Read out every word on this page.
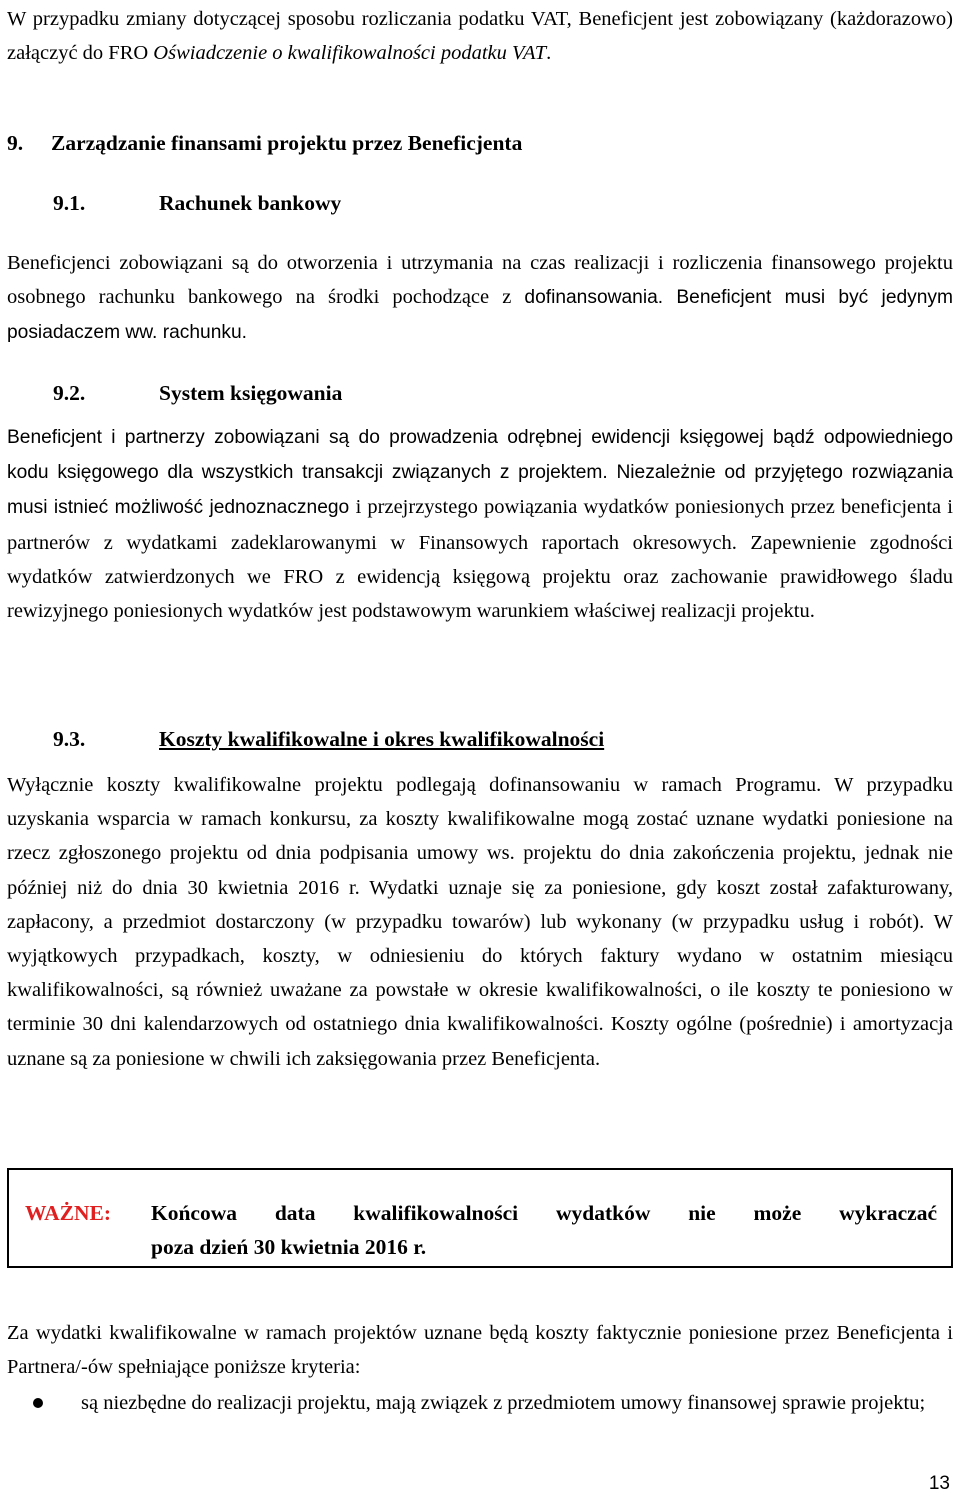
W przypadku zmiany dotyczącej sposobu rozliczania podatku VAT, Beneficjent jest zobowiązany (każdorazowo) załączyć do FRO Oświadczenie o kwalifikowalności podatku VAT.

9.	Zarządzanie finansami projektu przez Beneficjenta
9.1.	Rachunek bankowy

Beneficjenci zobowiązani są do otworzenia i utrzymania na czas realizacji i rozliczenia finansowego projektu osobnego rachunku bankowego na środki pochodzące z dofinansowania. Beneficjent musi być jedynym posiadaczem ww. rachunku.

9.2.	System księgowania

Beneficjent i partnerzy zobowiązani są do prowadzenia odrębnej ewidencji księgowej bądź odpowiedniego kodu księgowego dla wszystkich transakcji związanych z projektem. Niezależnie od przyjętego rozwiązania musi istnieć możliwość jednoznacznego i przejrzystego powiązania wydatków poniesionych przez beneficjenta i partnerów z wydatkami zadeklarowanymi w Finansowych raportach okresowych. Zapewnienie zgodności wydatków zatwierdzonych we FRO z ewidencją księgową projektu oraz zachowanie prawidłowego śladu rewizyjnego poniesionych wydatków jest podstawowym warunkiem właściwej realizacji projektu.

9.3.	Koszty kwalifikowalne i okres kwalifikowalności

Wyłącznie koszty kwalifikowalne projektu podlegają dofinansowaniu w ramach Programu. W przypadku uzyskania wsparcia w ramach konkursu, za koszty kwalifikowalne mogą zostać uznane wydatki poniesione na rzecz zgłoszonego projektu od dnia podpisania umowy ws. projektu do dnia zakończenia projektu, jednak nie później niż do dnia 30 kwietnia 2016 r. Wydatki uznaje się za poniesione, gdy koszt został zafakturowany, zapłacony, a przedmiot dostarczony (w przypadku towarów) lub wykonany (w przypadku usług i robót). W wyjątkowych przypadkach, koszty, w odniesieniu do których faktury wydano w ostatnim miesiącu kwalifikowalności, są również uważane za powstałe w okresie kwalifikowalności, o ile koszty te poniesiono w terminie 30 dni kalendarzowych od ostatniego dnia kwalifikowalności. Koszty ogólne (pośrednie) i amortyzacja uznane są za poniesione w chwili ich zaksięgowania przez Beneficjenta.

WAŻNE:	Końcowa data kwalifikowalności wydatków nie może wykraczać
poza dzień 30 kwietnia 2016 r.

Za wydatki kwalifikowalne w ramach projektów uznane będą koszty faktycznie poniesione przez Beneficjenta i Partnera/-ów spełniające poniższe kryteria:

są niezbędne do realizacji projektu, mają związek z przedmiotem umowy finansowej sprawie projektu;
13
